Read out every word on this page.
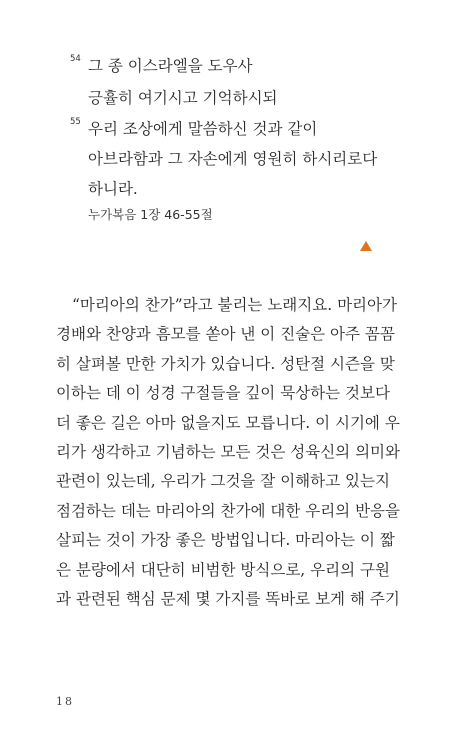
54 그 종 이스라엘을 도우사
긍휼히 여기시고 기억하시되
55 우리 조상에게 말씀하신 것과 같이
아브라함과 그 자손에게 영원히 하시리로다
하니라.
누가복음 1장 46-55절
“마리아의 찬가”라고 불리는 노래지요. 마리아가
경배와 찬양과 흠모를 쏟아 낸 이 진술은 아주 꼼꼼
히 살펴볼 만한 가치가 있습니다. 성탄절 시즌을 맞
이하는 데 이 성경 구절들을 깊이 묵상하는 것보다
더 좋은 길은 아마 없을지도 모릅니다. 이 시기에 우
리가 생각하고 기념하는 모든 것은 성육신의 의미와
관련이 있는데, 우리가 그것을 잘 이해하고 있는지
점검하는 데는 마리아의 찬가에 대한 우리의 반응을
살피는 것이 가장 좋은 방법입니다. 마리아는 이 짧
은 분량에서 대단히 비범한 방식으로, 우리의 구원
과 관련된 핵심 문제 몇 가지를 똑바로 보게 해 주기
18
